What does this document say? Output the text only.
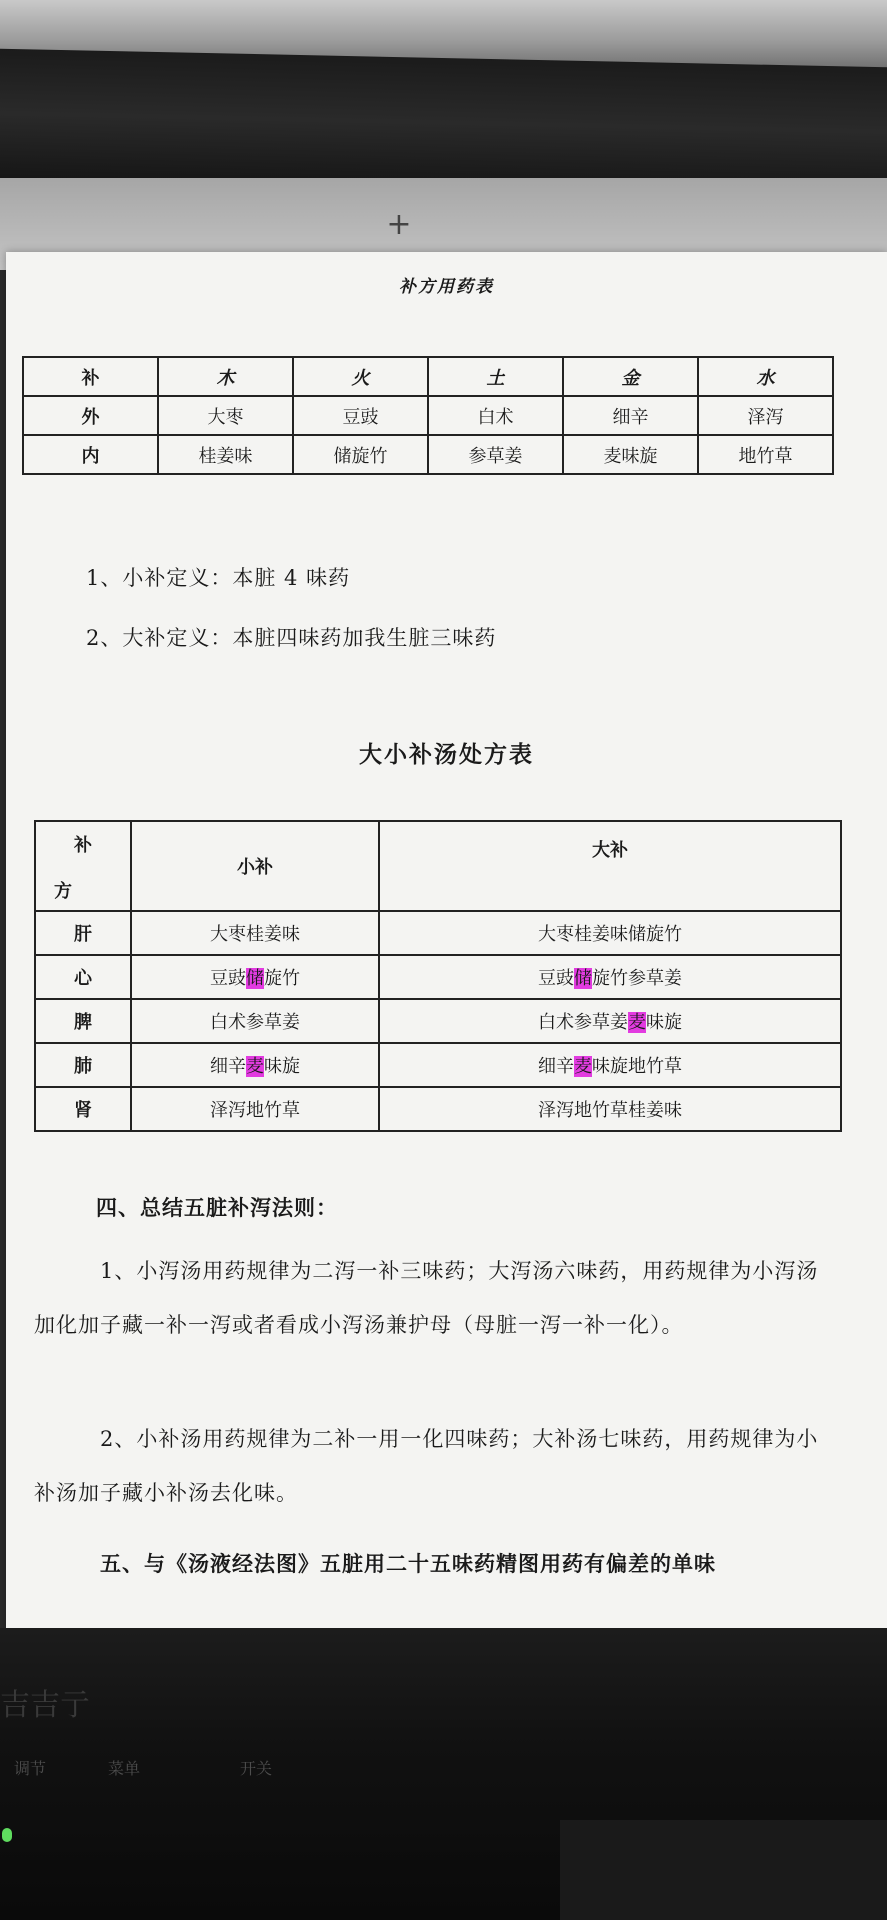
+
补方用药表
补	木	火	土	金	水
外	大枣	豆豉	白术	细辛	泽泻
内	桂姜味	储旋竹	参草姜	麦味旋	地竹草
1、小补定义：本脏 4 味药
2、大补定义：本脏四味药加我生脏三味药
大小补汤处方表
补
方	小补	大补
肝	大枣桂姜味	大枣桂姜味储旋竹
心	豆豉储旋竹	豆豉储旋竹参草姜
脾	白术参草姜	白术参草姜麦味旋
肺	细辛麦味旋	细辛麦味旋地竹草
肾	泽泻地竹草	泽泻地竹草桂姜味
四、总结五脏补泻法则：
1、小泻汤用药规律为二泻一补三味药；大泻汤六味药，用药规律为小泻汤加化加子藏一补一泻或者看成小泻汤兼护母（母脏一泻一补一化）。
2、小补汤用药规律为二补一用一化四味药；大补汤七味药，用药规律为小补汤加子藏小补汤去化味。
五、与《汤液经法图》五脏用二十五味药精图用药有偏差的单味
吉吉亍
调节	菜单	开关
